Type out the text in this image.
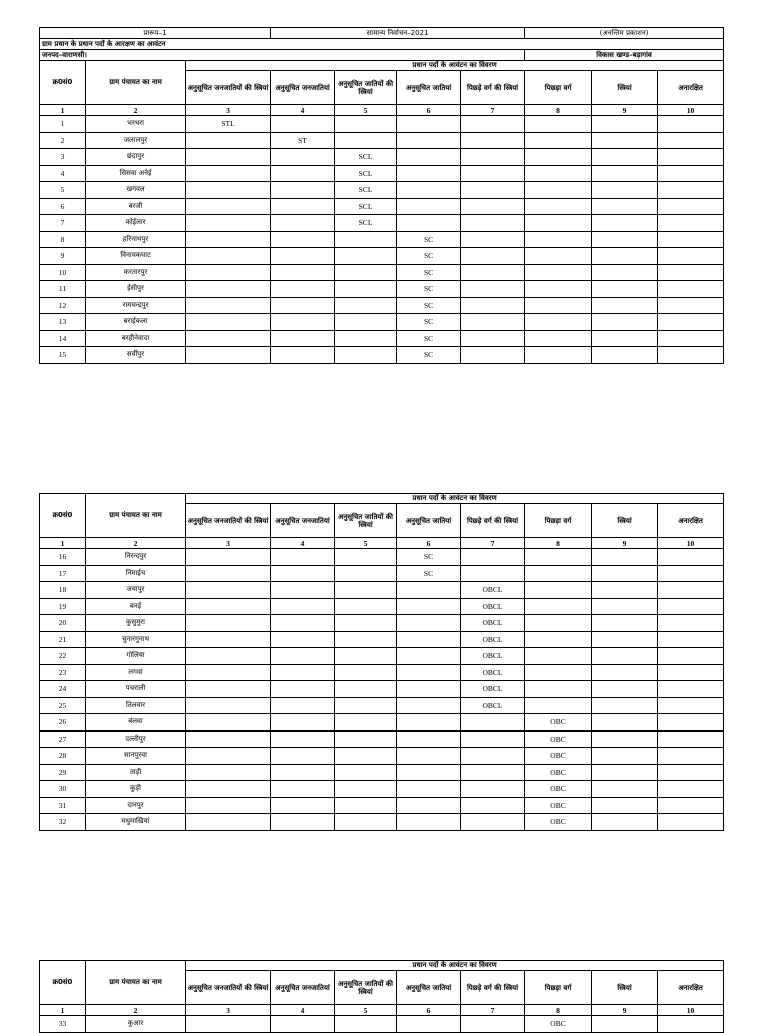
प्रारूप–1			सामान्य निर्वाचन–2021				(अनन्तिम प्रकाशन)		
ग्राम प्रधान के प्रधान पदों के आरक्षण का आवंटन									
जनपद–वाराणसी।							विकास खण्ड–बड़ागांव		
क्र0सं0	ग्राम पंचायत का नाम	प्रधान पदों के आवंटन का विवरण							
		अनुसूचित जनजातियों की स्त्रियां	अनुसूचित जनजातियां	अनुसूचित जातियों की स्त्रियां	अनुसूचित जातियां	पिछड़े वर्ग की स्त्रियां	पिछड़ा वर्ग	स्त्रियां	अनारक्षित
1	2	3	4	5	6	7	8	9	10
1	भरथरा	STL							
2	जलालपुर		ST						
3	छंदापुर			SCL					
4	सिसवा अनेई			SCL					
5	खगवल			SCL					
6	बरजी			SCL					
7	कोईलार			SCL					
8	हरिनाथपुर				SC				
9	विनायकघाट				SC				
10	करतारपुर				SC				
11	ईसीपुर				SC				
12	रामचन्द्रपुर				SC				
13	बराईकला				SC				
14	बरहीनेवादा				SC				
15	सर्वीपुर				SC				
क्र0सं0	ग्राम पंचायत का नाम	प्रधान पदों के आवंटन का विवरण							
		अनुसूचित जनजातियों की स्त्रियां	अनुसूचित जनजातियां	अनुसूचित जातियों की स्त्रियां	अनुसूचित जातियां	पिछड़े वर्ग की स्त्रियां	पिछड़ा वर्ग	स्त्रियां	अनारक्षित
1	2	3	4	5	6	7	8	9	10
16	निरन्दपुर				SC				
17	निमाईच				SC				
18	जयापुर					OBCL			
19	बनई					OBCL			
20	कुसुमुरा					OBCL			
21	चुनारगुनाथ					OBCL			
22	गोलिया					OBCL			
23	लगवां					OBCL			
24	पचराली					OBCL			
25	तिलवार					OBCL			
26	बंलवा						OBC		
27	दल्लीपुर						OBC		
28	सानपुरवा						OBC		
29	ताड़ी						OBC		
30	कुड़ी						OBC		
31	दानपुर						OBC		
32	मधुमाखियां						OBC		
क्र0सं0	ग्राम पंचायत का नाम	प्रधान पदों के आवंटन का विवरण							
		अनुसूचित जनजातियों की स्त्रियां	अनुसूचित जनजातियां	अनुसूचित जातियों की स्त्रियां	अनुसूचित जातियां	पिछड़े वर्ग की स्त्रियां	पिछड़ा वर्ग	स्त्रियां	अनारक्षित
1	2	3	4	5	6	7	8	9	10
33	कुआर						OBC		
